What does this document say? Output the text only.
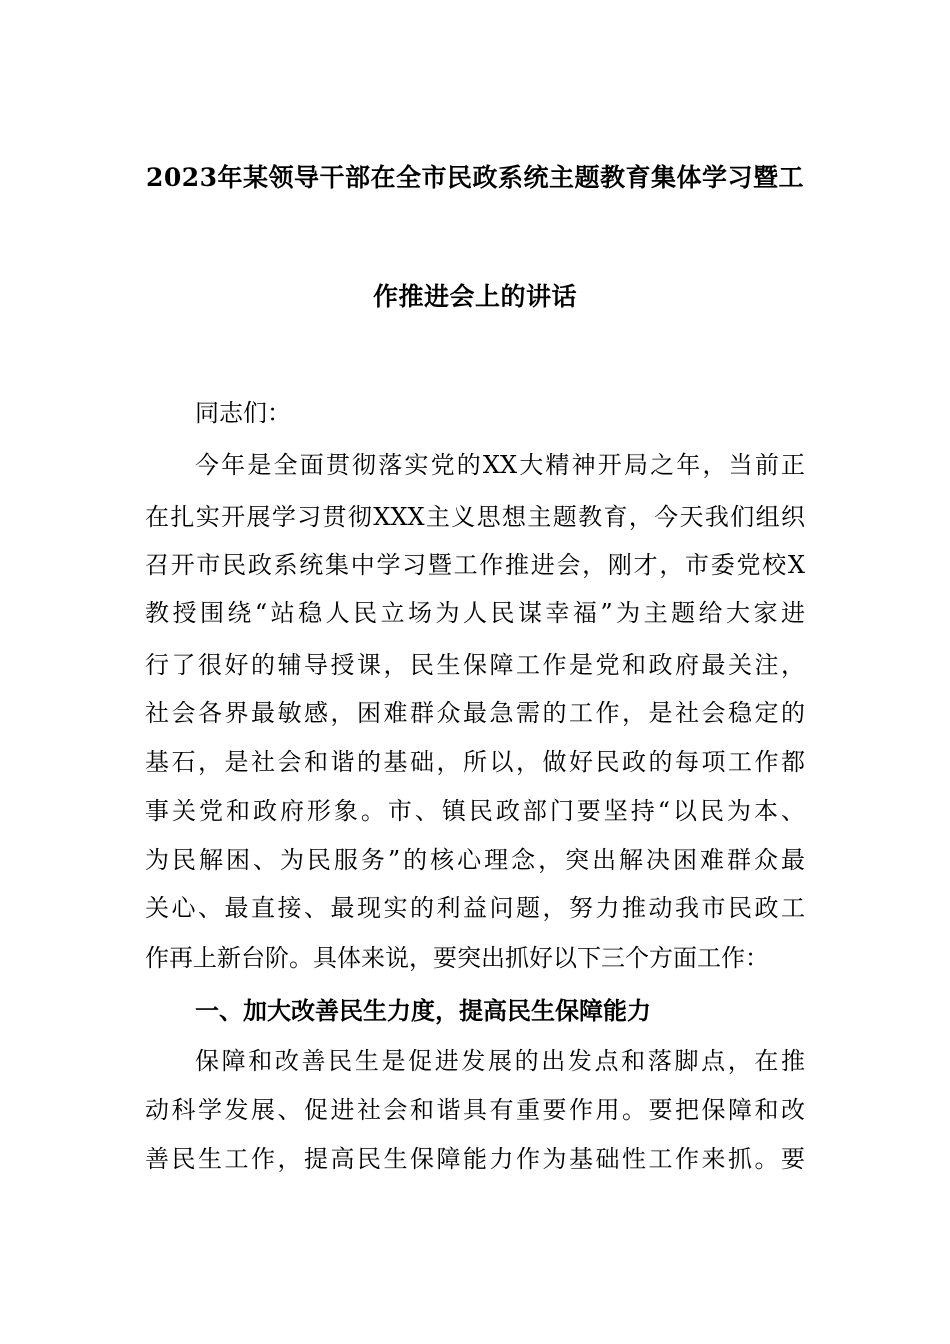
2023年某领导干部在全市民政系统主题教育集体学习暨工
作推进会上的讲话
同志们：
今年是全面贯彻落实党的XX大精神开局之年，当前正
在扎实开展学习贯彻XXX主义思想主题教育，今天我们组织
召开市民政系统集中学习暨工作推进会，刚才，市委党校X
教授围绕“站稳人民立场为人民谋幸福”为主题给大家进
行了很好的辅导授课，民生保障工作是党和政府最关注，
社会各界最敏感，困难群众最急需的工作，是社会稳定的
基石，是社会和谐的基础，所以，做好民政的每项工作都
事关党和政府形象。市、镇民政部门要坚持“以民为本、
为民解困、为民服务”的核心理念，突出解决困难群众最
关心、最直接、最现实的利益问题，努力推动我市民政工
作再上新台阶。具体来说，要突出抓好以下三个方面工作：
一、加大改善民生力度，提高民生保障能力
保障和改善民生是促进发展的出发点和落脚点，在推
动科学发展、促进社会和谐具有重要作用。要把保障和改
善民生工作，提高民生保障能力作为基础性工作来抓。要
